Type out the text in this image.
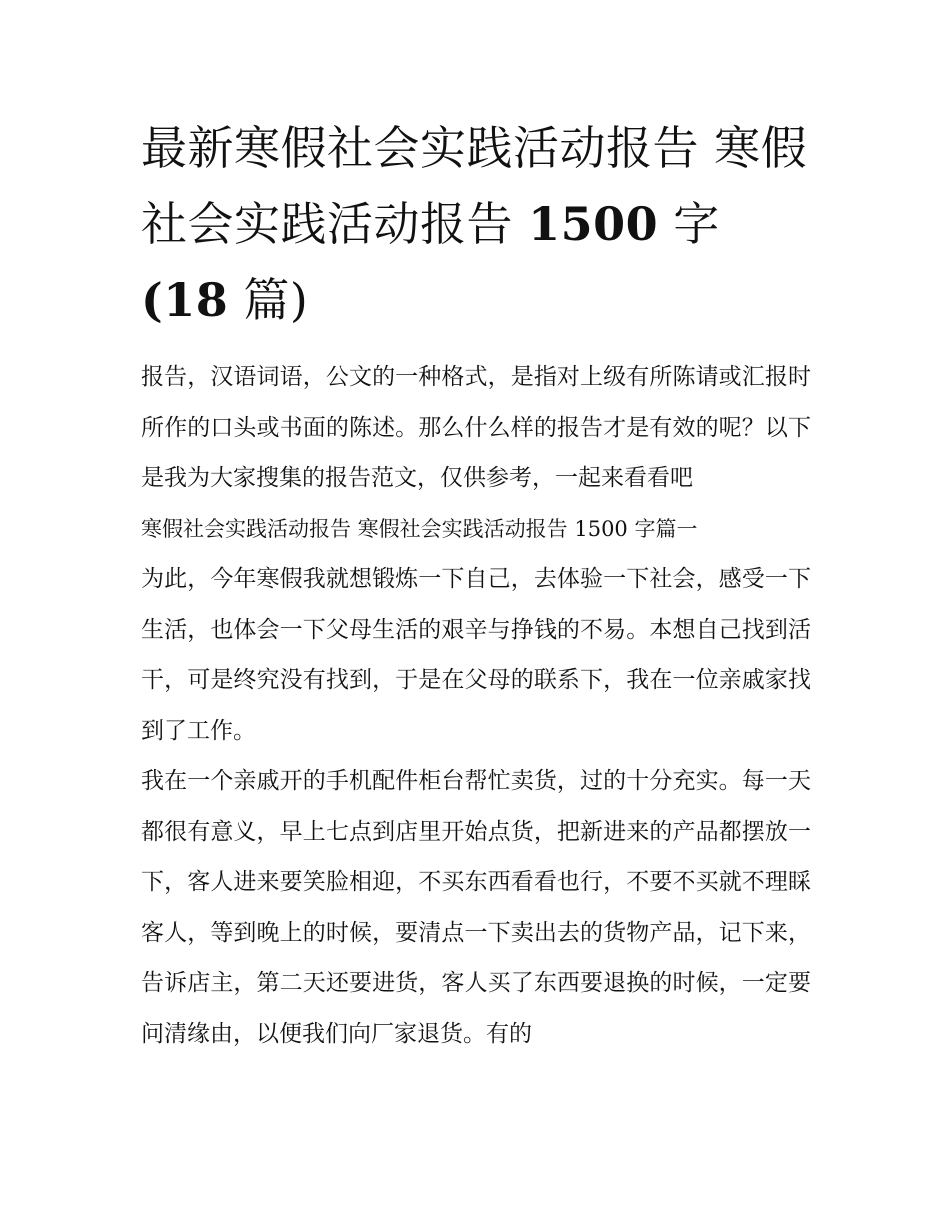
最新寒假社会实践活动报告 寒假社会实践活动报告 1500 字
(18 篇)

报告，汉语词语，公文的一种格式，是指对上级有所陈请或汇报时所作的口头或书面的陈述。那么什么样的报告才是有效的呢？以下是我为大家搜集的报告范文，仅供参考，一起来看看吧

寒假社会实践活动报告 寒假社会实践活动报告 1500 字篇一

为此，今年寒假我就想锻炼一下自己，去体验一下社会，感受一下生活，也体会一下父母生活的艰辛与挣钱的不易。本想自己找到活干，可是终究没有找到，于是在父母的联系下，我在一位亲戚家找到了工作。

我在一个亲戚开的手机配件柜台帮忙卖货，过的十分充实。每一天都很有意义，早上七点到店里开始点货，把新进来的产品都摆放一下，客人进来要笑脸相迎，不买东西看看也行，不要不买就不理睬客人，等到晚上的时候，要清点一下卖出去的货物产品，记下来，告诉店主，第二天还要进货，客人买了东西要退换的时候，一定要问清缘由，以便我们向厂家退货。有的
